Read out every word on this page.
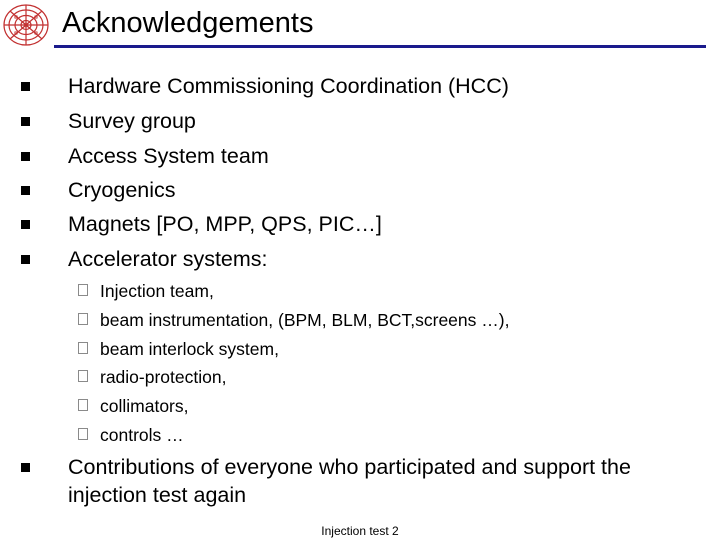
Acknowledgements
Hardware Commissioning Coordination (HCC)
Survey group
Access System team
Cryogenics
Magnets [PO, MPP, QPS, PIC…]
Accelerator systems:
Injection team,
beam instrumentation, (BPM, BLM, BCT,screens …),
beam interlock system,
radio-protection,
collimators,
controls …
Contributions of everyone who participated and support the injection test again
Injection test 2
